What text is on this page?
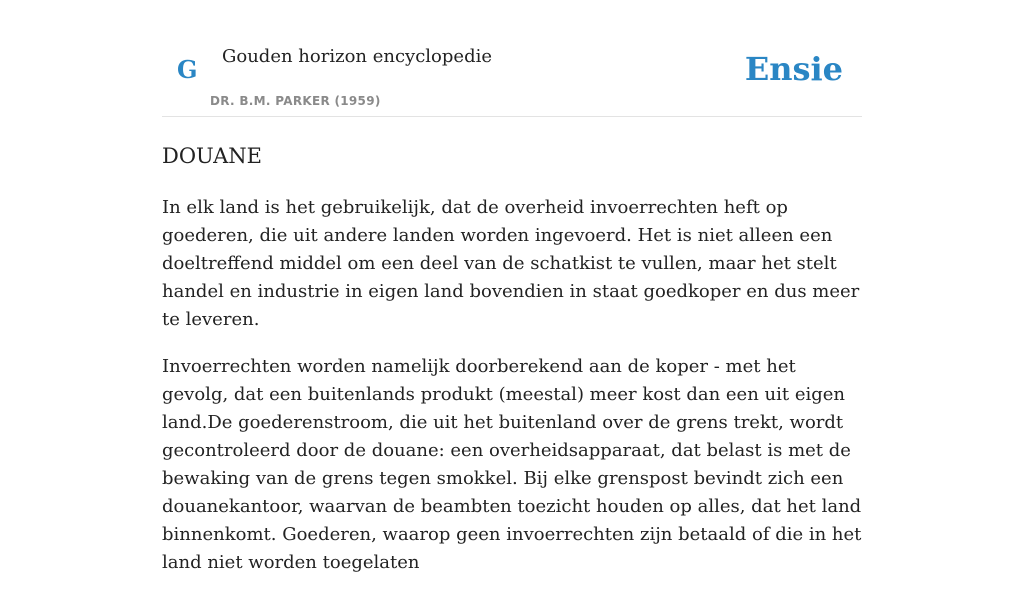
G Gouden horizon encyclopedie
DR. B.M. PARKER (1959)
Ensie
DOUANE

In elk land is het gebruikelijk, dat de overheid invoerrechten heft op goederen, die uit andere landen worden ingevoerd. Het is niet alleen een doeltreffend middel om een deel van de schatkist te vullen, maar het stelt handel en industrie in eigen land bovendien in staat goedkoper en dus meer te leveren.

Invoerrechten worden namelijk doorberekend aan de koper - met het gevolg, dat een buitenlands produkt (meestal) meer kost dan een uit eigen land.De goederenstroom, die uit het buitenland over de grens trekt, wordt gecontroleerd door de douane: een overheidsapparaat, dat belast is met de bewaking van de grens tegen smokkel. Bij elke grenspost bevindt zich een douanekantoor, waarvan de beambten toezicht houden op alles, dat het land binnenkomt. Goederen, waarop geen invoerrechten zijn betaald of die in het land niet worden toegelaten
